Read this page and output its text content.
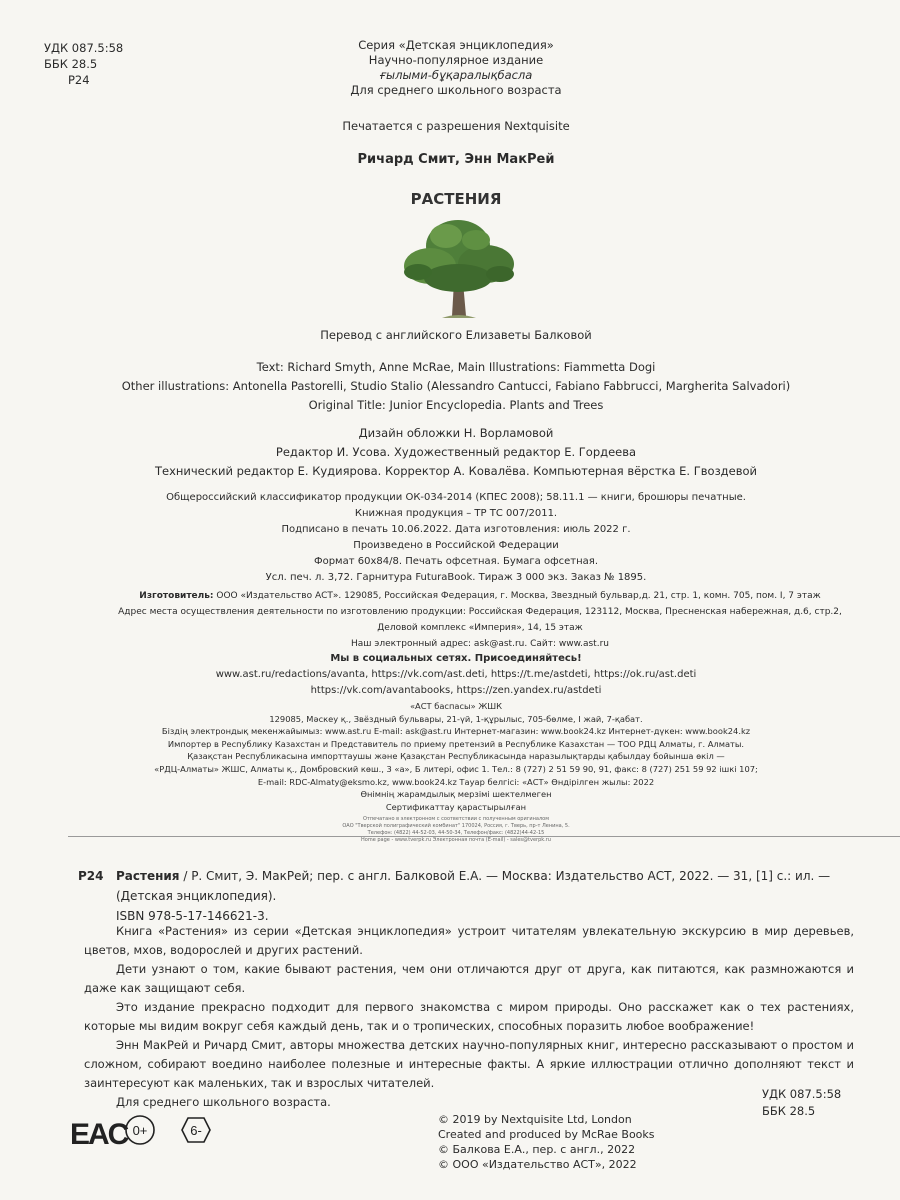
УДК 087.5:58
ББК 28.5
Р24
Серия «Детская энциклопедия»
Научно-популярное издание
ғылыми-бұқаралықбасла
Для среднего школьного возраста
Печатается с разрешения Nextquisite
Ричард Смит, Энн МакРей
РАСТЕНИЯ
Перевод с английского Елизаветы Балковой
Text: Richard Smyth, Anne McRae, Main Illustrations: Fiammetta Dogi
Other illustrations: Antonella Pastorelli, Studio Stalio (Alessandro Cantucci, Fabiano Fabbrucci, Margherita Salvadori)
Original Title: Junior Encyclopedia. Plants and Trees
Дизайн обложки Н. Ворламовой
Редактор И. Усова. Художественный редактор Е. Гордеева
Технический редактор Е. Кудиярова. Корректор А. Ковалёва. Компьютерная вёрстка Е. Гвоздевой
Общероссийский классификатор продукции ОК-034-2014 (КПЕС 2008); 58.11.1 — книги, брошюры печатные.
Книжная продукция – ТР ТС 007/2011.
Подписано в печать 10.06.2022. Дата изготовления: июль 2022 г.
Произведено в Российской Федерации
Формат 60х84/8. Печать офсетная. Бумага офсетная.
Усл. печ. л. 3,72. Гарнитура FuturaBook. Тираж 3 000 экз. Заказ № 1895.
Изготовитель: ООО «Издательство АСТ». 129085, Российская Федерация, г. Москва, Звездный бульвар,д. 21, стр. 1, комн. 705, пом. I, 7 этаж
Адрес места осуществления деятельности по изготовлению продукции: Российская Федерация, 123112, Москва, Пресненская набережная, д.6, стр.2,
Деловой комплекс «Империя», 14, 15 этаж
Наш электронный адрес: ask@ast.ru. Сайт: www.ast.ru
Мы в социальных сетях. Присоединяйтесь!
www.ast.ru/redactions/avanta, https://vk.com/ast.deti, https://t.me/astdeti, https://ok.ru/ast.deti
https://vk.com/avantabooks, https://zen.yandex.ru/astdeti
«АСТ баспасы» ЖШК
129085, Мәскеу қ., Звёздный бульвары, 21-үй, 1-құрылыс, 705-бөлме, I жай, 7-қабат.
Біздің электрондық мекенжайымыз: www.ast.ru E-mail: ask@ast.ru Интернет-магазин: www.book24.kz Интернет-дүкен: www.book24.kz
Импортер в Республику Казахстан и Представитель по приему претензий в Республике Казахстан — ТОО РДЦ Алматы, г. Алматы.
Қазақстан Республикасына импорттаушы және Қазақстан Республикасында наразылықтарды қабылдау бойынша өкіл —
«РДЦ-Алматы» ЖШС, Алматы қ., Домбровский көш., 3 «а», Б литері, офис 1. Тел.: 8 (727) 2 51 59 90, 91, факс: 8 (727) 251 59 92 ішкі 107;
E-mail: RDC-Almaty@eksmo.kz, www.book24.kz Тауар белгісі: «АСТ» Өндірілген жылы: 2022
Өнімнің жарамдылық мерзімі шектелмеген
Сертификаттау қарастырылған
Отпечатано в электронном с соответствии с полученным оригиналом
ОАО "Тверской полиграфический комбинат" 170024, Россия, г. Тверь, пр-т Ленина, 5.
Телефон: (4822) 44-52-03, 44-50-34, Телефон/факс: (4822)44-42-15
Home page - www.tverpk.ru Электронная почта (E-mail) - sales@tverpk.ru
Р24 Растения / Р. Смит, Э. МакРей; пер. с англ. Балковой Е.А. — Москва: Издательство АСТ, 2022. — 31, [1] с.: ил. —
(Детская энциклопедия).
ISBN 978-5-17-146621-3.

Книга «Растения» из серии «Детская энциклопедия» устроит читателям увлекательную экскурсию в мир деревьев, цветов, мхов, водорослей и других растений.

Дети узнают о том, какие бывают растения, чем они отличаются друг от друга, как питаются, как размножаются и даже как защищают себя.

Это издание прекрасно подходит для первого знакомства с миром природы. Оно расскажет как о тех растениях, которые мы видим вокруг себя каждый день, так и о тропических, способных поразить любое воображение!

Энн МакРей и Ричард Смит, авторы множества детских научно-популярных книг, интересно рассказывают о простом и сложном, собирают воедино наиболее полезные и интересные факты. А яркие иллюстрации отлично дополняют текст и заинтересуют как маленьких, так и взрослых читателей.

Для среднего школьного возраста.

УДК 087.5:58
ББК 28.5
© 2019 by Nextquisite Ltd, London
Created and produced by McRae Books
© Балкова Е.А., пер. с англ., 2022
© ООО «Издательство АСТ», 2022
EAC 0+	6-
